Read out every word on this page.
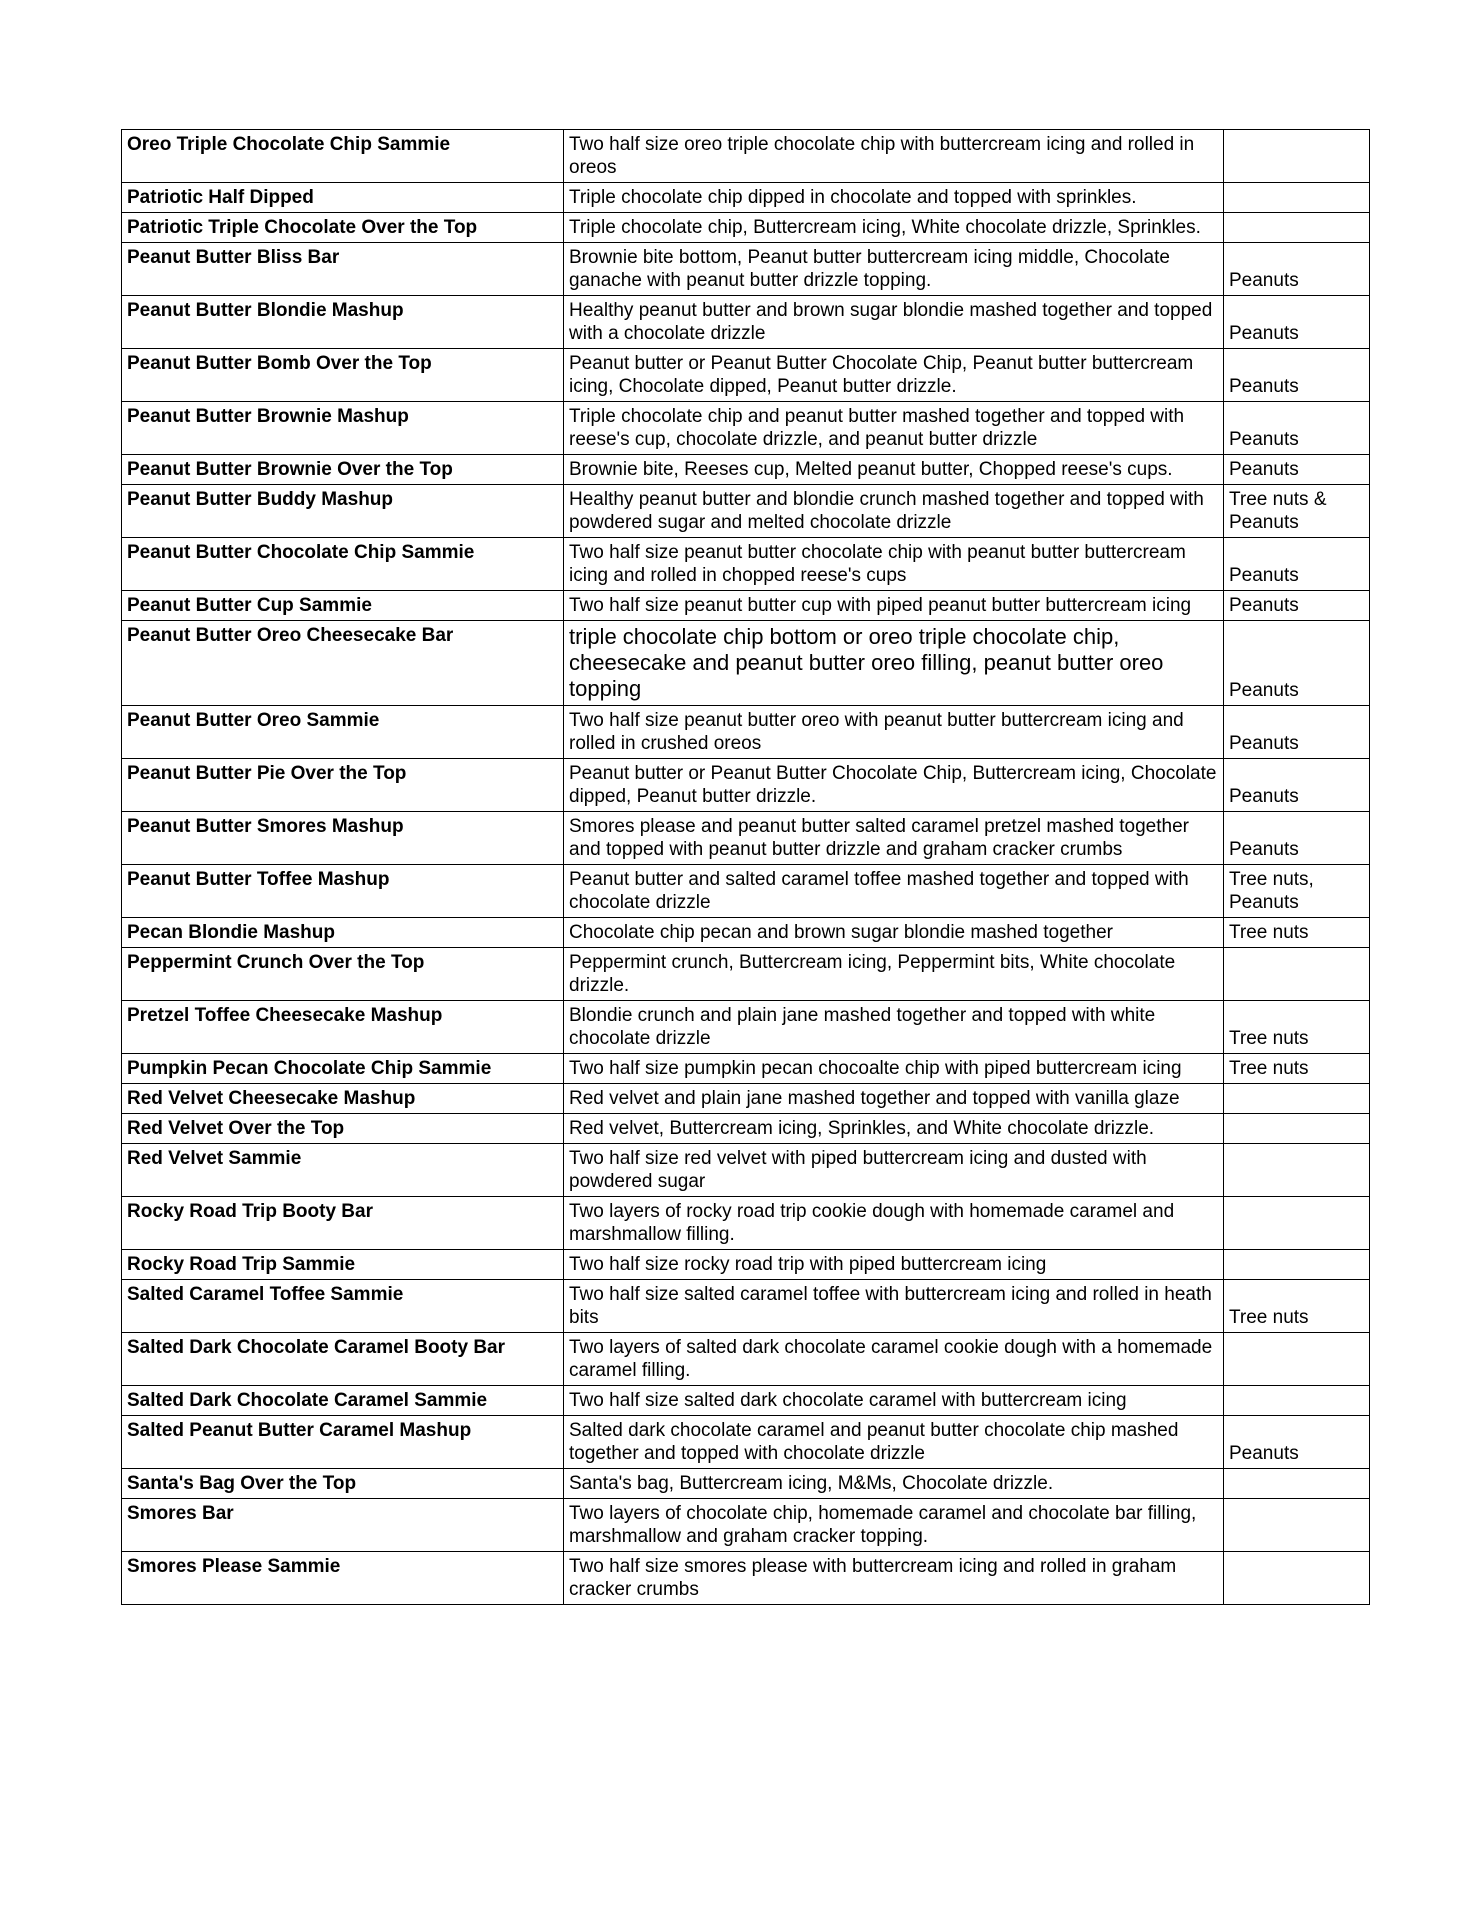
Oreo Triple Chocolate Chip Sammie	Two half size oreo triple chocolate chip with buttercream icing and rolled in oreos	
Patriotic Half Dipped	Triple chocolate chip dipped in chocolate and topped with sprinkles.	
Patriotic Triple Chocolate Over the Top	Triple chocolate chip, Buttercream icing, White chocolate drizzle, Sprinkles.	
Peanut Butter Bliss Bar	Brownie bite bottom, Peanut butter buttercream icing middle, Chocolate ganache with peanut butter drizzle topping.	Peanuts
Peanut Butter Blondie Mashup	Healthy peanut butter and brown sugar blondie mashed together and topped with a chocolate drizzle	Peanuts
Peanut Butter Bomb Over the Top	Peanut butter or Peanut Butter Chocolate Chip, Peanut butter buttercream icing, Chocolate dipped, Peanut butter drizzle.	Peanuts
Peanut Butter Brownie Mashup	Triple chocolate chip and peanut butter mashed together and topped with reese's cup, chocolate drizzle, and peanut butter drizzle	Peanuts
Peanut Butter Brownie Over the Top	Brownie bite, Reeses cup, Melted peanut butter, Chopped reese's cups.	Peanuts
Peanut Butter Buddy Mashup	Healthy peanut butter and blondie crunch mashed together and topped with powdered sugar and melted chocolate drizzle	Tree nuts & Peanuts
Peanut Butter Chocolate Chip Sammie	Two half size peanut butter chocolate chip with peanut butter buttercream icing and rolled in chopped reese's cups	Peanuts
Peanut Butter Cup Sammie	Two half size peanut butter cup with piped peanut butter buttercream icing	Peanuts
Peanut Butter Oreo Cheesecake Bar	triple chocolate chip bottom or oreo triple chocolate chip, cheesecake and peanut butter oreo filling, peanut butter oreo topping	Peanuts
Peanut Butter Oreo Sammie	Two half size peanut butter oreo with peanut butter buttercream icing and rolled in crushed oreos	Peanuts
Peanut Butter Pie Over the Top	Peanut butter or Peanut Butter Chocolate Chip, Buttercream icing, Chocolate dipped, Peanut butter drizzle.	Peanuts
Peanut Butter Smores Mashup	Smores please and peanut butter salted caramel pretzel mashed together and topped with peanut butter drizzle and graham cracker crumbs	Peanuts
Peanut Butter Toffee Mashup	Peanut butter and salted caramel toffee mashed together and topped with chocolate drizzle	Tree nuts, Peanuts
Pecan Blondie Mashup	Chocolate chip pecan and brown sugar blondie mashed together	Tree nuts
Peppermint Crunch Over the Top	Peppermint crunch, Buttercream icing, Peppermint bits, White chocolate drizzle.	
Pretzel Toffee Cheesecake Mashup	Blondie crunch and plain jane mashed together and topped with white chocolate drizzle	Tree nuts
Pumpkin Pecan Chocolate Chip Sammie	Two half size pumpkin pecan chocoalte chip with piped buttercream icing	Tree nuts
Red Velvet Cheesecake Mashup	Red velvet and plain jane mashed together and topped with vanilla glaze	
Red Velvet Over the Top	Red velvet, Buttercream icing, Sprinkles, and White chocolate drizzle.	
Red Velvet Sammie	Two half size red velvet with piped buttercream icing and dusted with powdered sugar	
Rocky Road Trip Booty Bar	Two layers of rocky road trip cookie dough with homemade caramel and marshmallow filling.	
Rocky Road Trip Sammie	Two half size rocky road trip with piped buttercream icing	
Salted Caramel Toffee Sammie	Two half size salted caramel toffee with buttercream icing and rolled in heath bits	Tree nuts
Salted Dark Chocolate Caramel Booty Bar	Two layers of salted dark chocolate caramel cookie dough with a homemade caramel filling.	
Salted Dark Chocolate Caramel Sammie	Two half size salted dark chocolate caramel with buttercream icing	
Salted Peanut Butter Caramel Mashup	Salted dark chocolate caramel and peanut butter chocolate chip mashed together and topped with chocolate drizzle	Peanuts
Santa's Bag Over the Top	Santa's bag, Buttercream icing, M&Ms, Chocolate drizzle.	
Smores Bar	Two layers of chocolate chip, homemade caramel and chocolate bar filling, marshmallow and graham cracker topping.	
Smores Please Sammie	Two half size smores please with buttercream icing and rolled in graham cracker crumbs	
